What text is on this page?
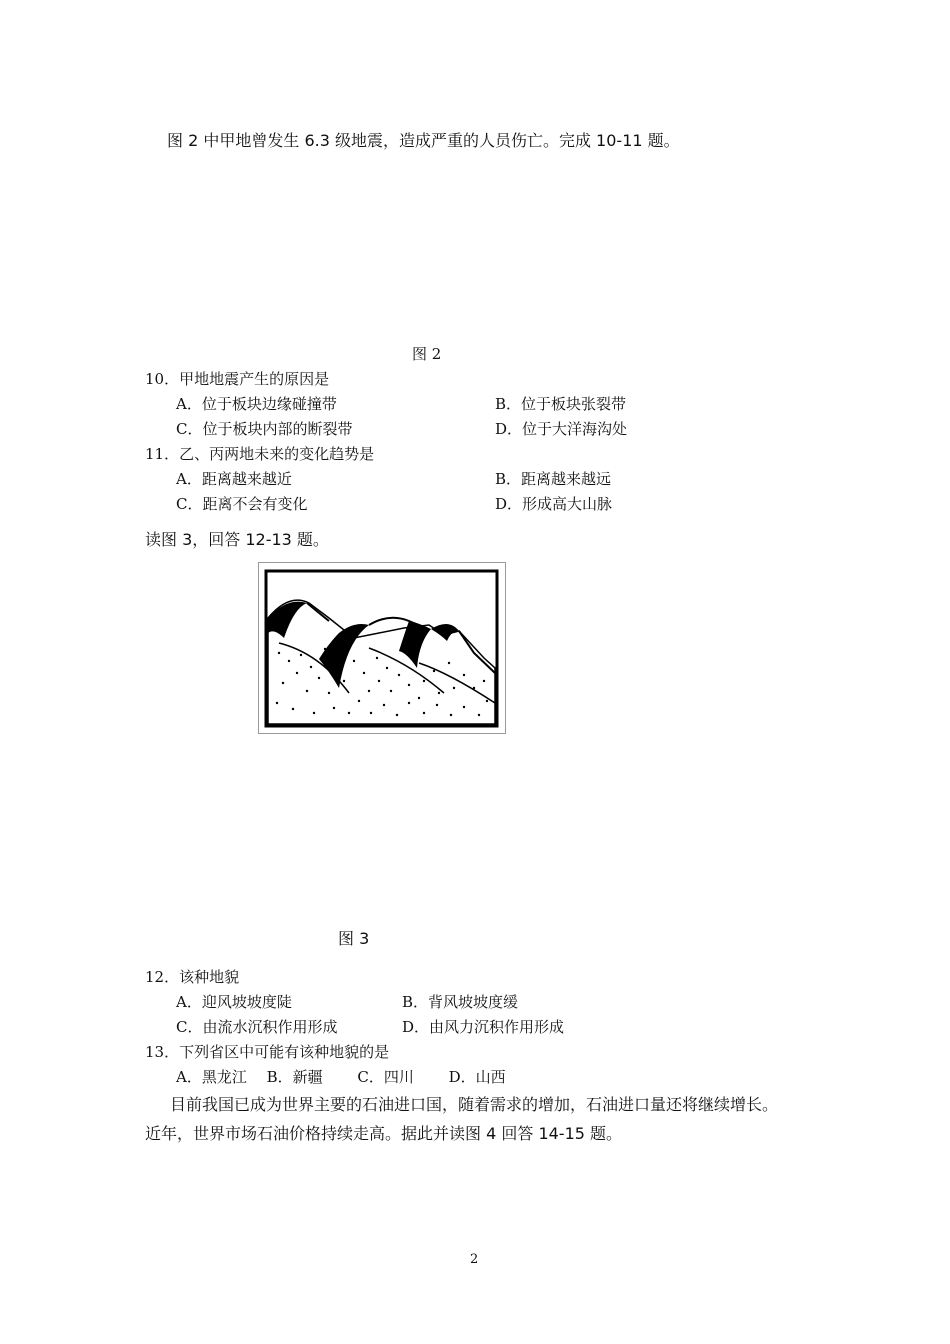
图 2 中甲地曾发生 6.3 级地震，造成严重的人员伤亡。完成 10-11 题。
图 2
10．甲地地震产生的原因是
A．位于板块边缘碰撞带	B．位于板块张裂带
C．位于板块内部的断裂带	D．位于大洋海沟处
11．乙、丙两地未来的变化趋势是
A．距离越来越近	B．距离越来越远
C．距离不会有变化	D．形成高大山脉
读图 3，回答 12-13 题。
图 3
12．该种地貌
A．迎风坡坡度陡	B．背风坡坡度缓
C．由流水沉积作用形成	D．由风力沉积作用形成
13．下列省区中可能有该种地貌的是
A．黑龙江　 B．新疆　　 C．四川　　 D．山西
目前我国已成为世界主要的石油进口国，随着需求的增加，石油进口量还将继续增长。
近年，世界市场石油价格持续走高。据此并读图 4 回答 14-15 题。
2
